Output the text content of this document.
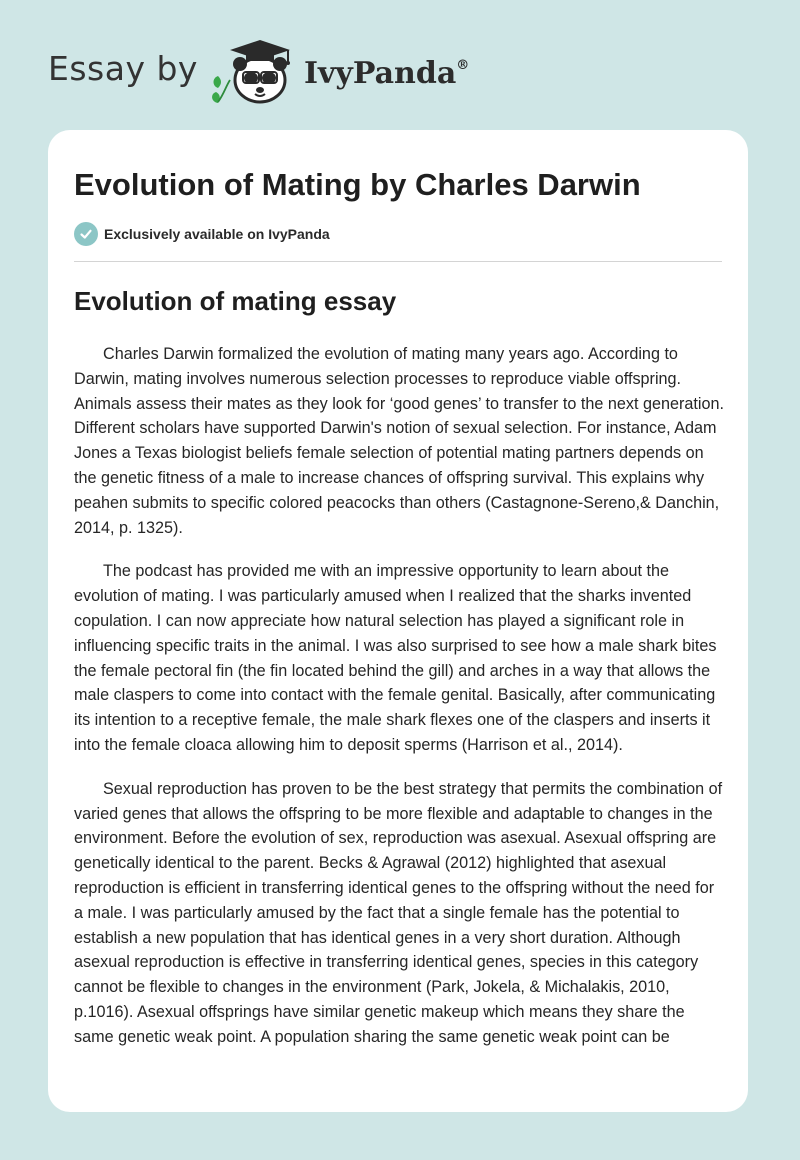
Essay by	IvyPanda®
Evolution of Mating by Charles Darwin
Exclusively available on IvyPanda
Evolution of mating essay

Charles Darwin formalized the evolution of mating many years ago. According to Darwin, mating involves numerous selection processes to reproduce viable offspring. Animals assess their mates as they look for ‘good genes’ to transfer to the next generation. Different scholars have supported Darwin's notion of sexual selection. For instance, Adam Jones a Texas biologist beliefs female selection of potential mating partners depends on the genetic fitness of a male to increase chances of offspring survival. This explains why peahen submits to specific colored peacocks than others (Castagnone-Sereno,& Danchin, 2014, p. 1325).

The podcast has provided me with an impressive opportunity to learn about the evolution of mating. I was particularly amused when I realized that the sharks invented copulation. I can now appreciate how natural selection has played a significant role in influencing specific traits in the animal. I was also surprised to see how a male shark bites the female pectoral fin (the fin located behind the gill) and arches in a way that allows the male claspers to come into contact with the female genital. Basically, after communicating its intention to a receptive female, the male shark flexes one of the claspers and inserts it into the female cloaca allowing him to deposit sperms (Harrison et al., 2014).

Sexual reproduction has proven to be the best strategy that permits the combination of varied genes that allows the offspring to be more flexible and adaptable to changes in the environment. Before the evolution of sex, reproduction was asexual. Asexual offspring are genetically identical to the parent. Becks & Agrawal (2012) highlighted that asexual reproduction is efficient in transferring identical genes to the offspring without the need for a male. I was particularly amused by the fact that a single female has the potential to establish a new population that has identical genes in a very short duration. Although asexual reproduction is effective in transferring identical genes, species in this category cannot be flexible to changes in the environment (Park, Jokela, & Michalakis, 2010, p.1016). Asexual offsprings have similar genetic makeup which means they share the same genetic weak point. A population sharing the same genetic weak point can be
